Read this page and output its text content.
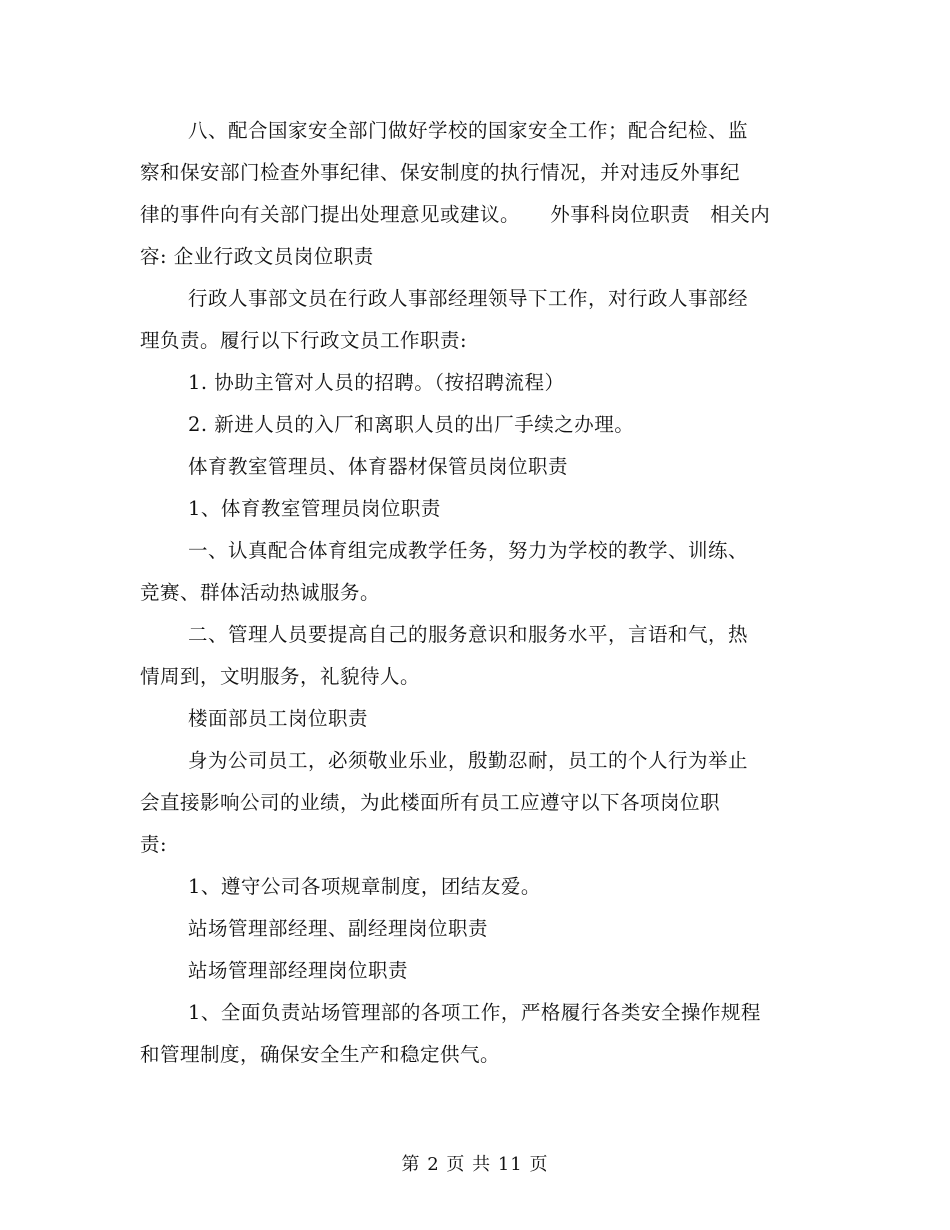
八、配合国家安全部门做好学校的国家安全工作；配合纪检、监
察和保安部门检查外事纪律、保安制度的执行情况，并对违反外事纪
律的事件向有关部门提出处理意见或建议。　　外事科岗位职责　相关内
容: 企业行政文员岗位职责
行政人事部文员在行政人事部经理领导下工作，对行政人事部经
理负责。履行以下行政文员工作职责:
1. 协助主管对人员的招聘。（按招聘流程）
2. 新进人员的入厂和离职人员的出厂手续之办理。
体育教室管理员、体育器材保管员岗位职责
1、体育教室管理员岗位职责
一、认真配合体育组完成教学任务，努力为学校的教学、训练、
竞赛、群体活动热诚服务。
二、管理人员要提高自己的服务意识和服务水平，言语和气，热
情周到，文明服务，礼貌待人。
楼面部员工岗位职责
身为公司员工，必须敬业乐业，殷勤忍耐，员工的个人行为举止
会直接影响公司的业绩，为此楼面所有员工应遵守以下各项岗位职
责:
1、遵守公司各项规章制度，团结友爱。
站场管理部经理、副经理岗位职责
站场管理部经理岗位职责
1、全面负责站场管理部的各项工作，严格履行各类安全操作规程
和管理制度，确保安全生产和稳定供气。
第 2 页 共 11 页
